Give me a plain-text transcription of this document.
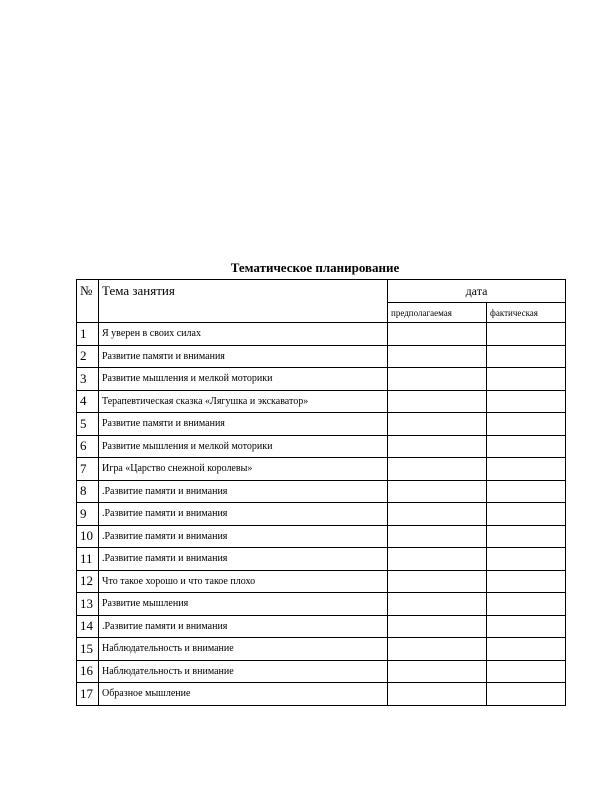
Тематическое планирование
№	Тема занятия	дата	
		предполагаемая	фактическая
1	Я уверен в своих силах		
2	Развитие памяти и внимания		
3	Развитие мышления и мелкой моторики		
4	Терапевтическая сказка «Лягушка и экскаватор»		
5	Развитие памяти и внимания		
6	Развитие мышления и мелкой моторики		
7	Игра «Царство снежной королевы»		
8	.Развитие памяти и внимания		
9	.Развитие памяти и внимания		
10	.Развитие памяти и внимания		
11	.Развитие памяти и внимания		
12	Что такое хорошо и что такое плохо		
13	Развитие мышления		
14	.Развитие памяти и внимания		
15	Наблюдательность и внимание		
16	Наблюдательность и внимание		
17	Образное мышление		
